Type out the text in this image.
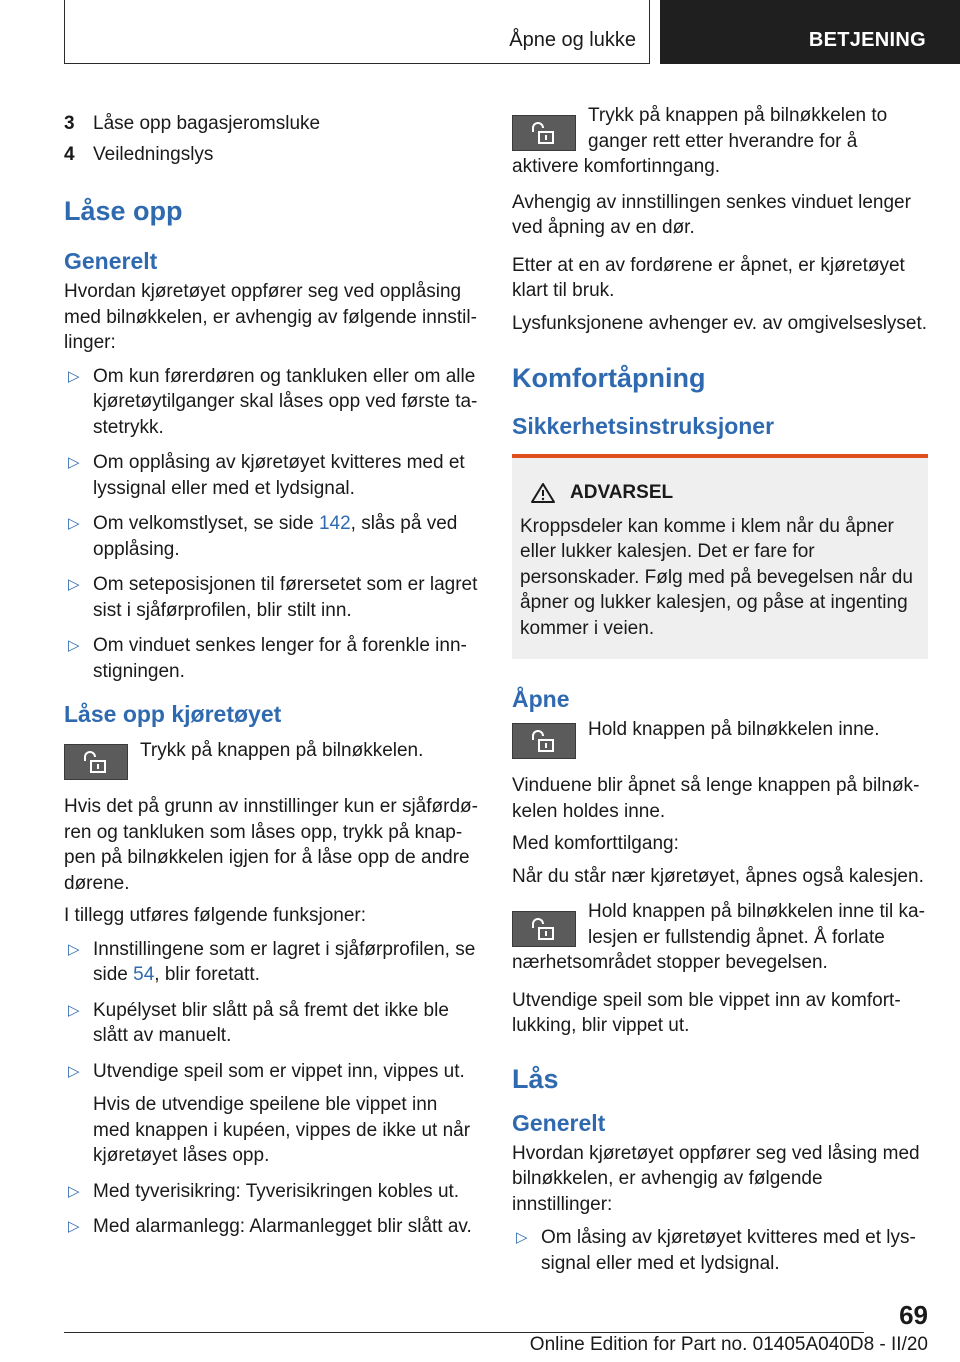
Åpne og lukke	BETJENING
3 Låse opp bagasjeromsluke
4 Veiledningslys
Låse opp
Generelt

Hvordan kjøretøyet oppfører seg ved opplåsing med bilnøkkelen, er avhengig av følgende innstillinger:

▷ Om kun førerdøren og tankluken eller om alle kjøretøytilganger skal låses opp ved første tastetrykk.
▷ Om opplåsing av kjøretøyet kvitteres med et lyssignal eller med et lydsignal.
▷ Om velkomstlyset, se side 142, slås på ved opplåsing.
▷ Om seteposisjonen til førersetet som er lagret sist i sjåførprofilen, blir stilt inn.
▷ Om vinduet senkes lenger for å forenkle innstigningen.
Låse opp kjøretøyet
Trykk på knappen på bilnøkkelen.

Hvis det på grunn av innstillinger kun er sjåførdøren og tankluken som låses opp, trykk på knappen på bilnøkkelen igjen for å låse opp de andre dørene.

I tillegg utføres følgende funksjoner:

▷ Innstillingene som er lagret i sjåførprofilen, se side 54, blir foretatt.
▷ Kupélyset blir slått på så fremt det ikke ble slått av manuelt.
▷ Utvendige speil som er vippet inn, vippes ut.
Hvis de utvendige speilene ble vippet inn med knappen i kupéen, vippes de ikke ut når kjøretøyet låses opp.
▷ Med tyverisikring: Tyverisikringen kobles ut.
▷ Med alarmanlegg: Alarmanlegget blir slått av.
Trykk på knappen på bilnøkkelen to ganger rett etter hverandre for å aktivere komfortinngang.

Avhengig av innstillingen senkes vinduet lenger ved åpning av en dør.

Etter at en av fordørene er åpnet, er kjøretøyet klart til bruk.

Lysfunksjonene avhenger ev. av omgivelseslyset.

Komfortåpning
Sikkerhetsinstruksjoner
ADVARSEL
Kroppsdeler kan komme i klem når du åpner eller lukker kalesjen. Det er fare for personskader. Følg med på bevegelsen når du åpner og lukker kalesjen, og påse at ingenting kommer i veien.
Åpne
Hold knappen på bilnøkkelen inne.

Vinduene blir åpnet så lenge knappen på bilnøkkelen holdes inne.

Med komforttilgang:

Når du står nær kjøretøyet, åpnes også kalesjen.

Hold knappen på bilnøkkelen inne til kalesjen er fullstendig åpnet. Å forlate nærhetsområdet stopper bevegelsen.

Utvendige speil som ble vippet inn av komfortlukking, blir vippet ut.

Lås
Generelt

Hvordan kjøretøyet oppfører seg ved låsing med bilnøkkelen, er avhengig av følgende innstillinger:

▷ Om låsing av kjøretøyet kvitteres med et lyssignal eller med et lydsignal.
69
Online Edition for Part no. 01405A040D8 - II/20
